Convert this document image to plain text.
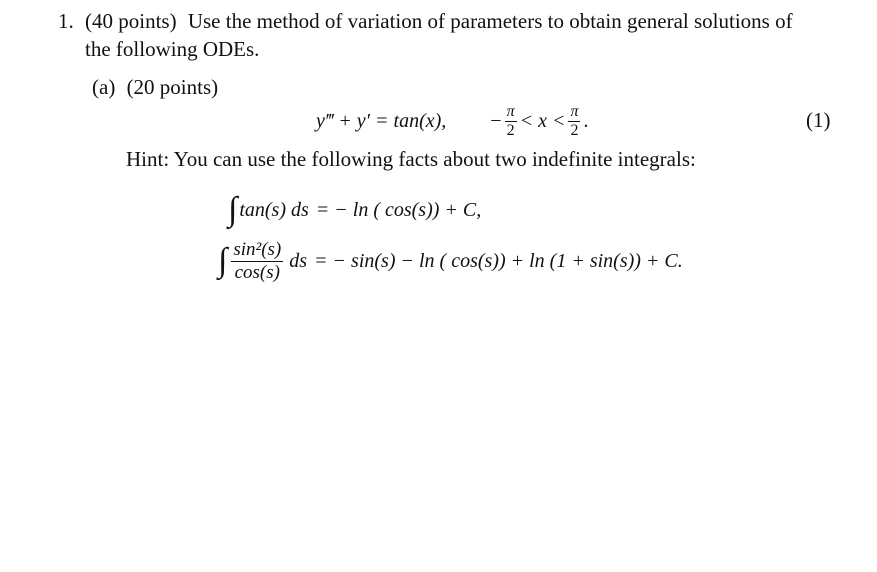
1. (40 points) Use the method of variation of parameters to obtain general solutions of
the following ODEs.
(a) (20 points)
y‴ + y′ = tan(x), − $\frac{\pi}{2} < x < \frac{\pi}{2}$ .	(1)
Hint: You can use the following facts about two indefinite integrals:
∫ tan(s) ds = − ln ( cos(s)) + C,
∫ $\frac{\text{sin²(s)}}{\cos(s)}$ ds = − sin(s) − ln ( cos(s)) + ln (1 + sin(s)) + C.
